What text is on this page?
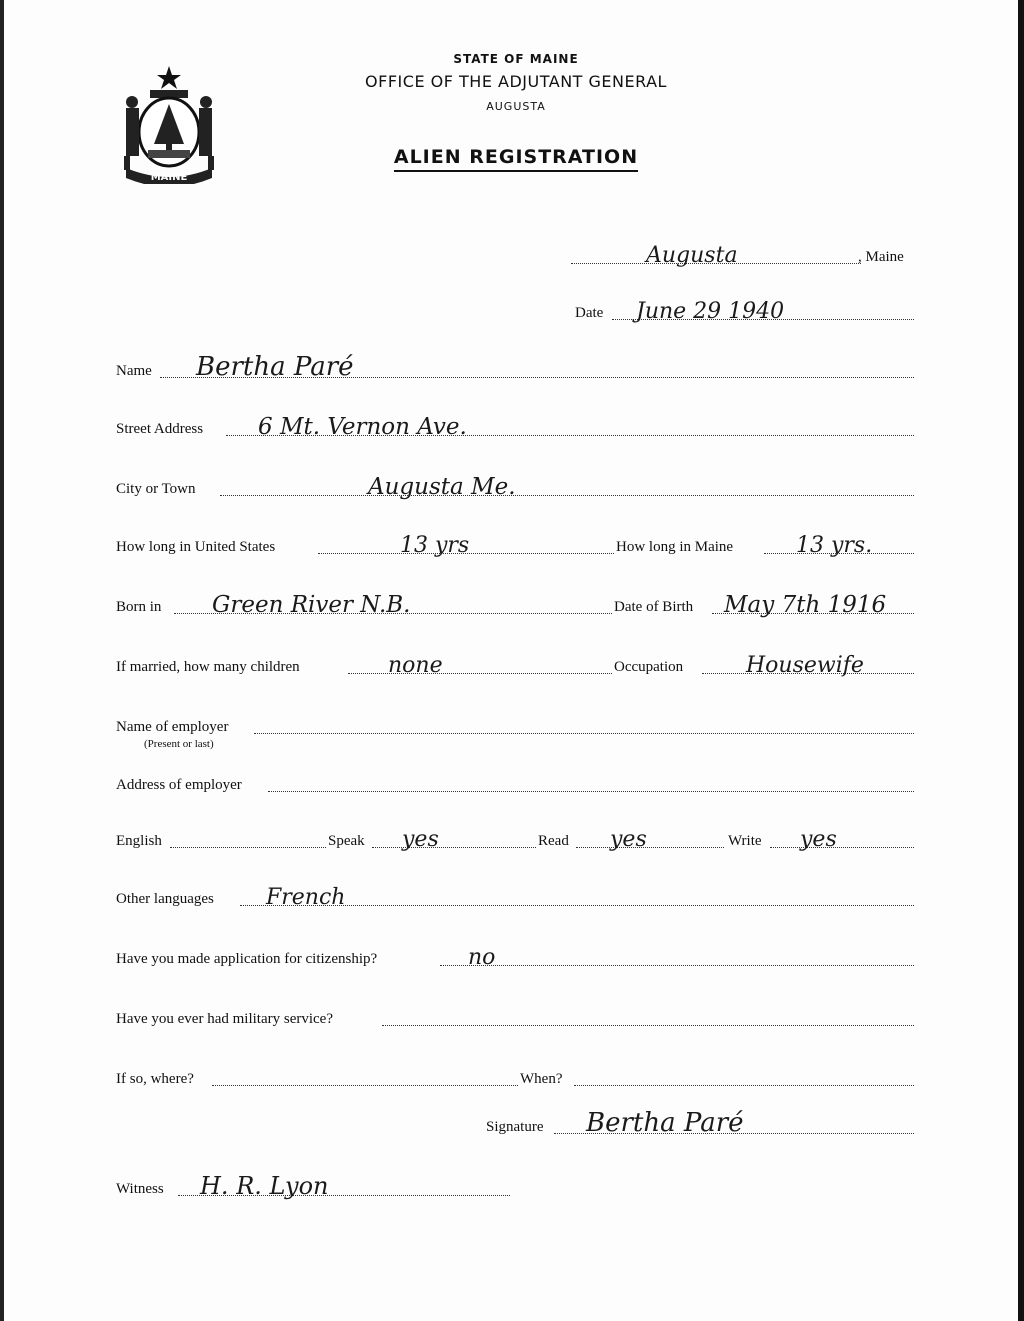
MAINE
STATE OF MAINE
OFFICE OF THE ADJUTANT GENERAL
AUGUSTA
ALIEN REGISTRATION
Augusta	, Maine
Date June 29 1940
Name Bertha Paré
Street Address 6 Mt. Vernon Ave.
City or Town	Augusta Me.
How long in United States	13 yrs	How long in Maine	13 yrs.
Born in Green River N.B.	Date of Birth May 7th 1916
If married, how many children	none	Occupation	Housewife
Name of employer
(Present or last)
Address of employer
English	Speak yes	Read yes	Write yes
Other languages French
Have you made application for citizenship?	no
Have you ever had military service?
If so, where?	When?
Signature Bertha Paré
Witness H. R. Lyon
